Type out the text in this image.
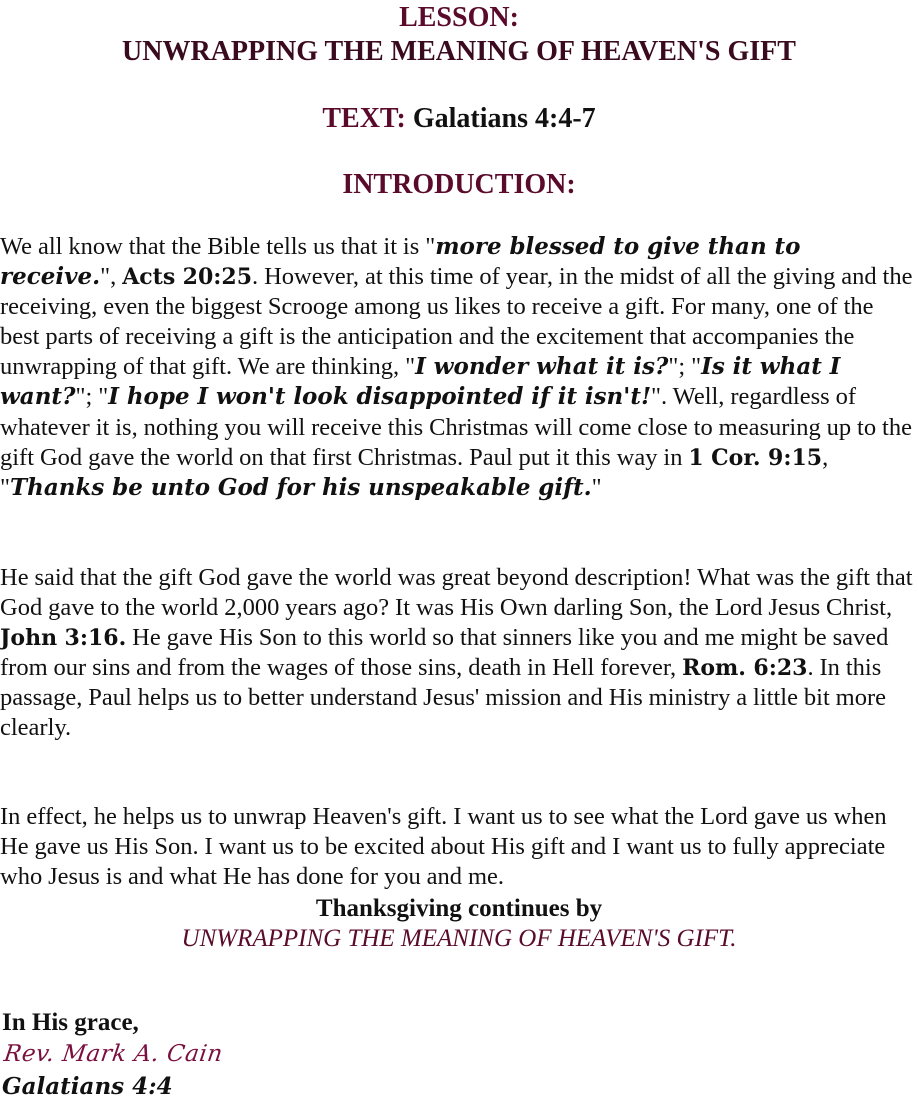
LESSON:
UNWRAPPING THE MEANING OF HEAVEN'S GIFT
TEXT: Galatians 4:4-7
INTRODUCTION:

We all know that the Bible tells us that it is "more blessed to give than to receive.", Acts 20:25. However, at this time of year, in the midst of all the giving and the receiving, even the biggest Scrooge among us likes to receive a gift. For many, one of the best parts of receiving a gift is the anticipation and the excitement that accompanies the unwrapping of that gift. We are thinking, "I wonder what it is?"; "Is it what I want?"; "I hope I won't look disappointed if it isn't!". Well, regardless of whatever it is, nothing you will receive this Christmas will come close to measuring up to the gift God gave the world on that first Christmas. Paul put it this way in 1 Cor. 9:15, "Thanks be unto God for his unspeakable gift."

He said that the gift God gave the world was great beyond description! What was the gift that God gave to the world 2,000 years ago? It was His Own darling Son, the Lord Jesus Christ, John 3:16. He gave His Son to this world so that sinners like you and me might be saved from our sins and from the wages of those sins, death in Hell forever, Rom. 6:23. In this passage, Paul helps us to better understand Jesus' mission and His ministry a little bit more clearly.

In effect, he helps us to unwrap Heaven's gift. I want us to see what the Lord gave us when He gave us His Son. I want us to be excited about His gift and I want us to fully appreciate who Jesus is and what He has done for you and me.

Thanksgiving continues by
UNWRAPPING THE MEANING OF HEAVEN'S GIFT.
In His grace,
Rev. Mark A. Cain
Galatians 4:4
